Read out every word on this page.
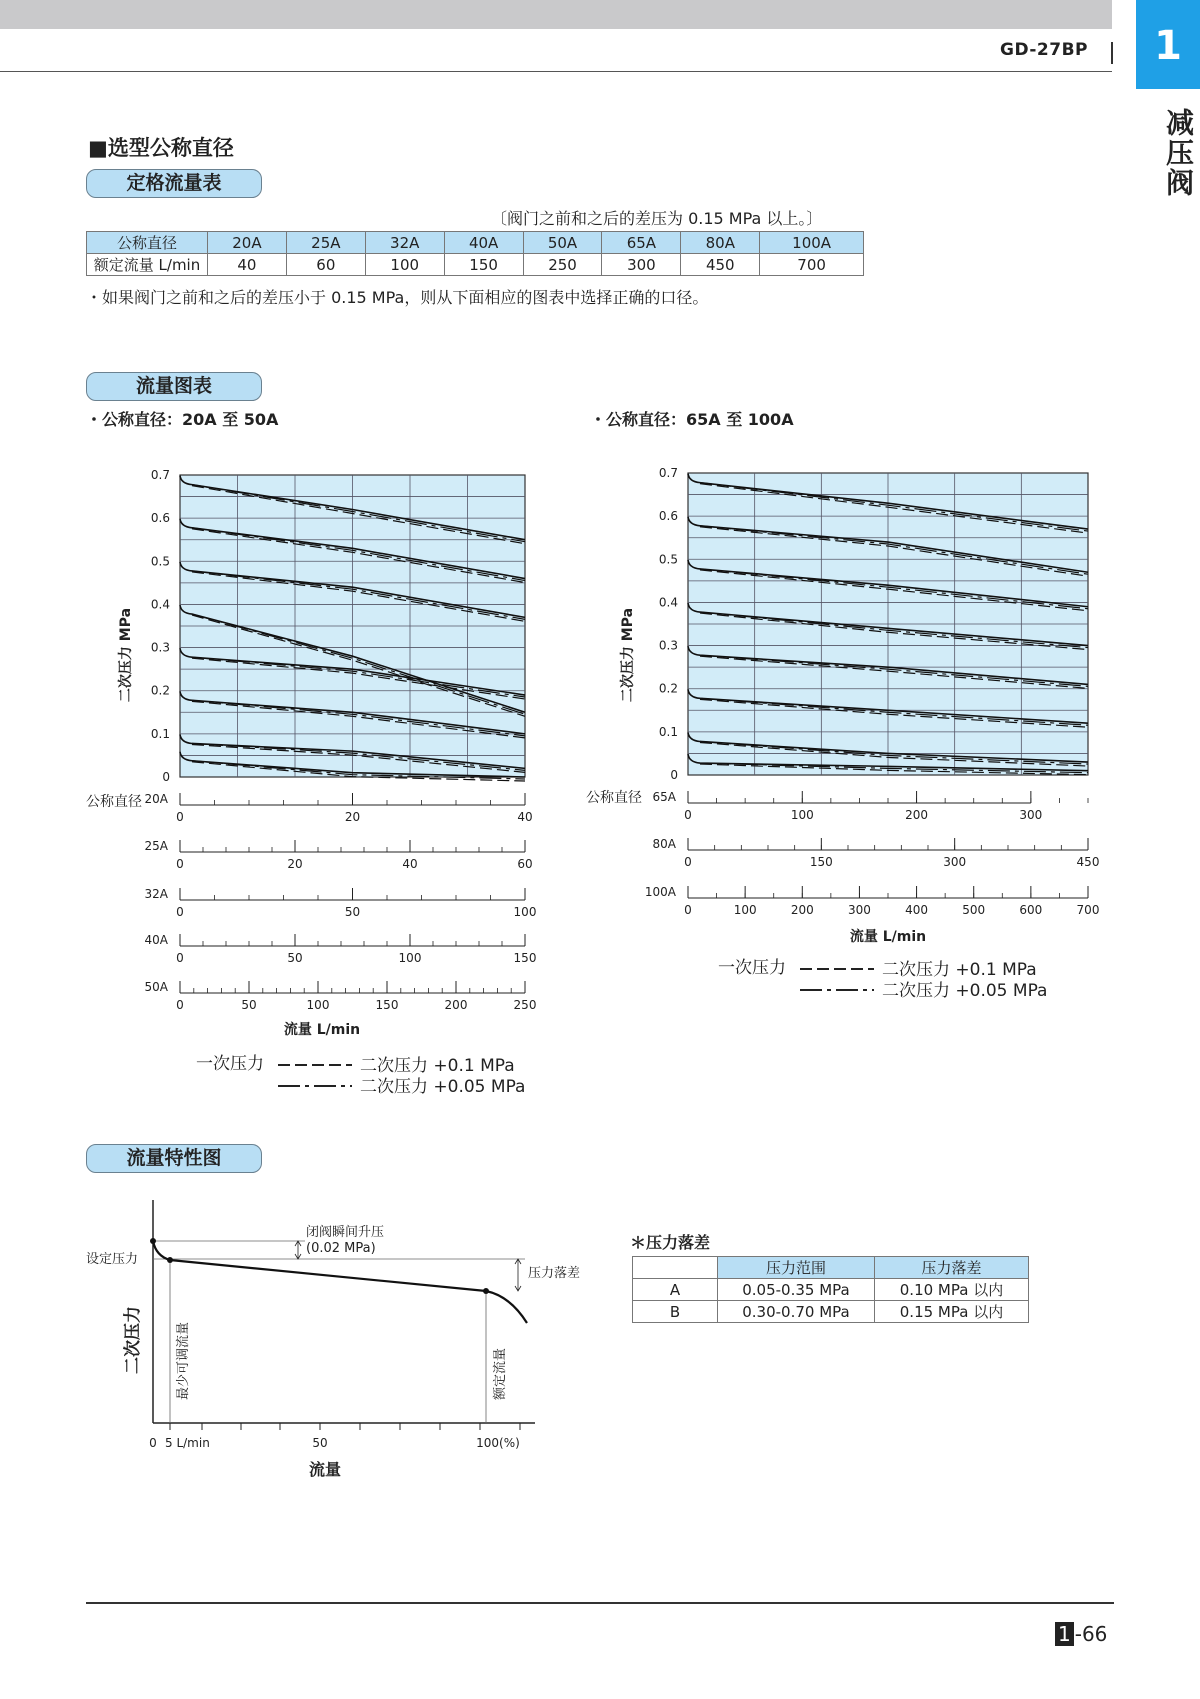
GD-27BP	1
减压阀
■选型公称直径
定格流量表
〔阀门之前和之后的差压为 0.15 MPa 以上。〕
公称直径	20A	25A	32A	40A	50A	65A	80A	100A
额定流量 L/min	40	60	100	150	250	300	450	700
・如果阀门之前和之后的差压小于 0.15 MPa，则从下面相应的图表中选择正确的口径。
流量图表
・公称直径：20A 至 50A	・公称直径：65A 至 100A
二次压力 MPa
0
0.1
0.2
0.3
0.4
0.5
0.6
0.7
20A
0	20	40
25A
0	20	40	60
32A
0	50	100
40A
0	50	100	150
50A
0	50	100	150	200	250
流量 L/min
公称直径
一次压力	二次压力 +0.1 MPa
二次压力 +0.05 MPa
二次压力 MPa
0
0.1
0.2
0.3
0.4
0.5
0.6
0.7
65A
0	100	200	300
80A
0	150	300	450
100A
0	100	200	300	400	500	600	700
流量 L/min
公称直径
一次压力	二次压力 +0.1 MPa
二次压力 +0.05 MPa
流量特性图
设定压力
二次压力
闭阀瞬间升压
(0.02 MPa)
压力落差
最少可调流量	额定流量
0 5 L/min	50	100(%)
流量
＊压力落差
	压力范围	压力落差
A	0.05-0.35 MPa	0.10 MPa 以内
B	0.30-0.70 MPa	0.15 MPa 以内
1 -66
